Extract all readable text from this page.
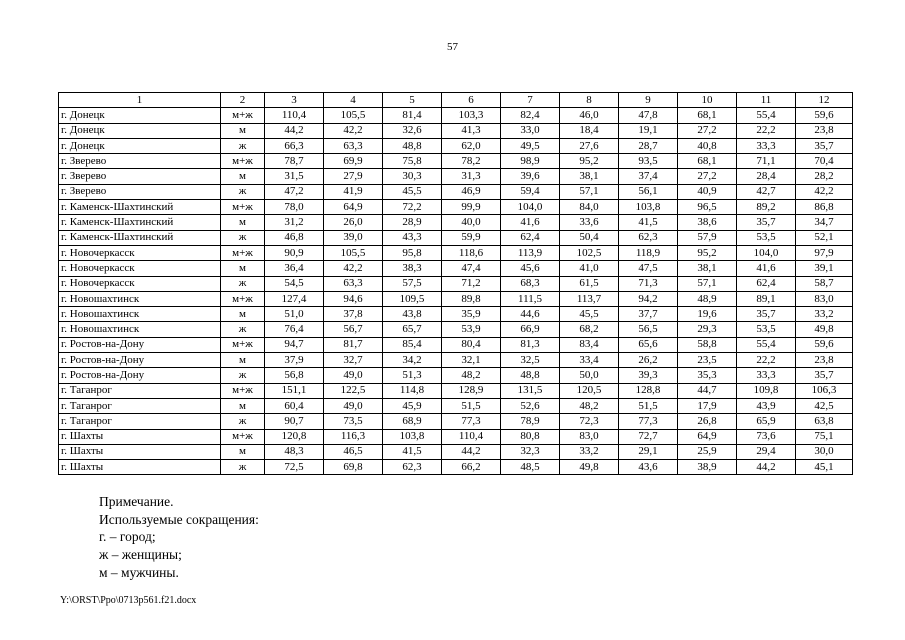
57
1	2	3	4	5	6	7	8	9	10	11	12
г. Донецк	м+ж	110,4	105,5	81,4	103,3	82,4	46,0	47,8	68,1	55,4	59,6
г. Донецк	м	44,2	42,2	32,6	41,3	33,0	18,4	19,1	27,2	22,2	23,8
г. Донецк	ж	66,3	63,3	48,8	62,0	49,5	27,6	28,7	40,8	33,3	35,7
г. Зверево	м+ж	78,7	69,9	75,8	78,2	98,9	95,2	93,5	68,1	71,1	70,4
г. Зверево	м	31,5	27,9	30,3	31,3	39,6	38,1	37,4	27,2	28,4	28,2
г. Зверево	ж	47,2	41,9	45,5	46,9	59,4	57,1	56,1	40,9	42,7	42,2
г. Каменск-Шахтинский	м+ж	78,0	64,9	72,2	99,9	104,0	84,0	103,8	96,5	89,2	86,8
г. Каменск-Шахтинский	м	31,2	26,0	28,9	40,0	41,6	33,6	41,5	38,6	35,7	34,7
г. Каменск-Шахтинский	ж	46,8	39,0	43,3	59,9	62,4	50,4	62,3	57,9	53,5	52,1
г. Новочеркасск	м+ж	90,9	105,5	95,8	118,6	113,9	102,5	118,9	95,2	104,0	97,9
г. Новочеркасск	м	36,4	42,2	38,3	47,4	45,6	41,0	47,5	38,1	41,6	39,1
г. Новочеркасск	ж	54,5	63,3	57,5	71,2	68,3	61,5	71,3	57,1	62,4	58,7
г. Новошахтинск	м+ж	127,4	94,6	109,5	89,8	111,5	113,7	94,2	48,9	89,1	83,0
г. Новошахтинск	м	51,0	37,8	43,8	35,9	44,6	45,5	37,7	19,6	35,7	33,2
г. Новошахтинск	ж	76,4	56,7	65,7	53,9	66,9	68,2	56,5	29,3	53,5	49,8
г. Ростов-на-Дону	м+ж	94,7	81,7	85,4	80,4	81,3	83,4	65,6	58,8	55,4	59,6
г. Ростов-на-Дону	м	37,9	32,7	34,2	32,1	32,5	33,4	26,2	23,5	22,2	23,8
г. Ростов-на-Дону	ж	56,8	49,0	51,3	48,2	48,8	50,0	39,3	35,3	33,3	35,7
г. Таганрог	м+ж	151,1	122,5	114,8	128,9	131,5	120,5	128,8	44,7	109,8	106,3
г. Таганрог	м	60,4	49,0	45,9	51,5	52,6	48,2	51,5	17,9	43,9	42,5
г. Таганрог	ж	90,7	73,5	68,9	77,3	78,9	72,3	77,3	26,8	65,9	63,8
г. Шахты	м+ж	120,8	116,3	103,8	110,4	80,8	83,0	72,7	64,9	73,6	75,1
г. Шахты	м	48,3	46,5	41,5	44,2	32,3	33,2	29,1	25,9	29,4	30,0
г. Шахты	ж	72,5	69,8	62,3	66,2	48,5	49,8	43,6	38,9	44,2	45,1
Примечание.
Используемые сокращения:
г. – город;
ж – женщины;
м – мужчины.
Y:\ORST\Ppo\0713p561.f21.docx
